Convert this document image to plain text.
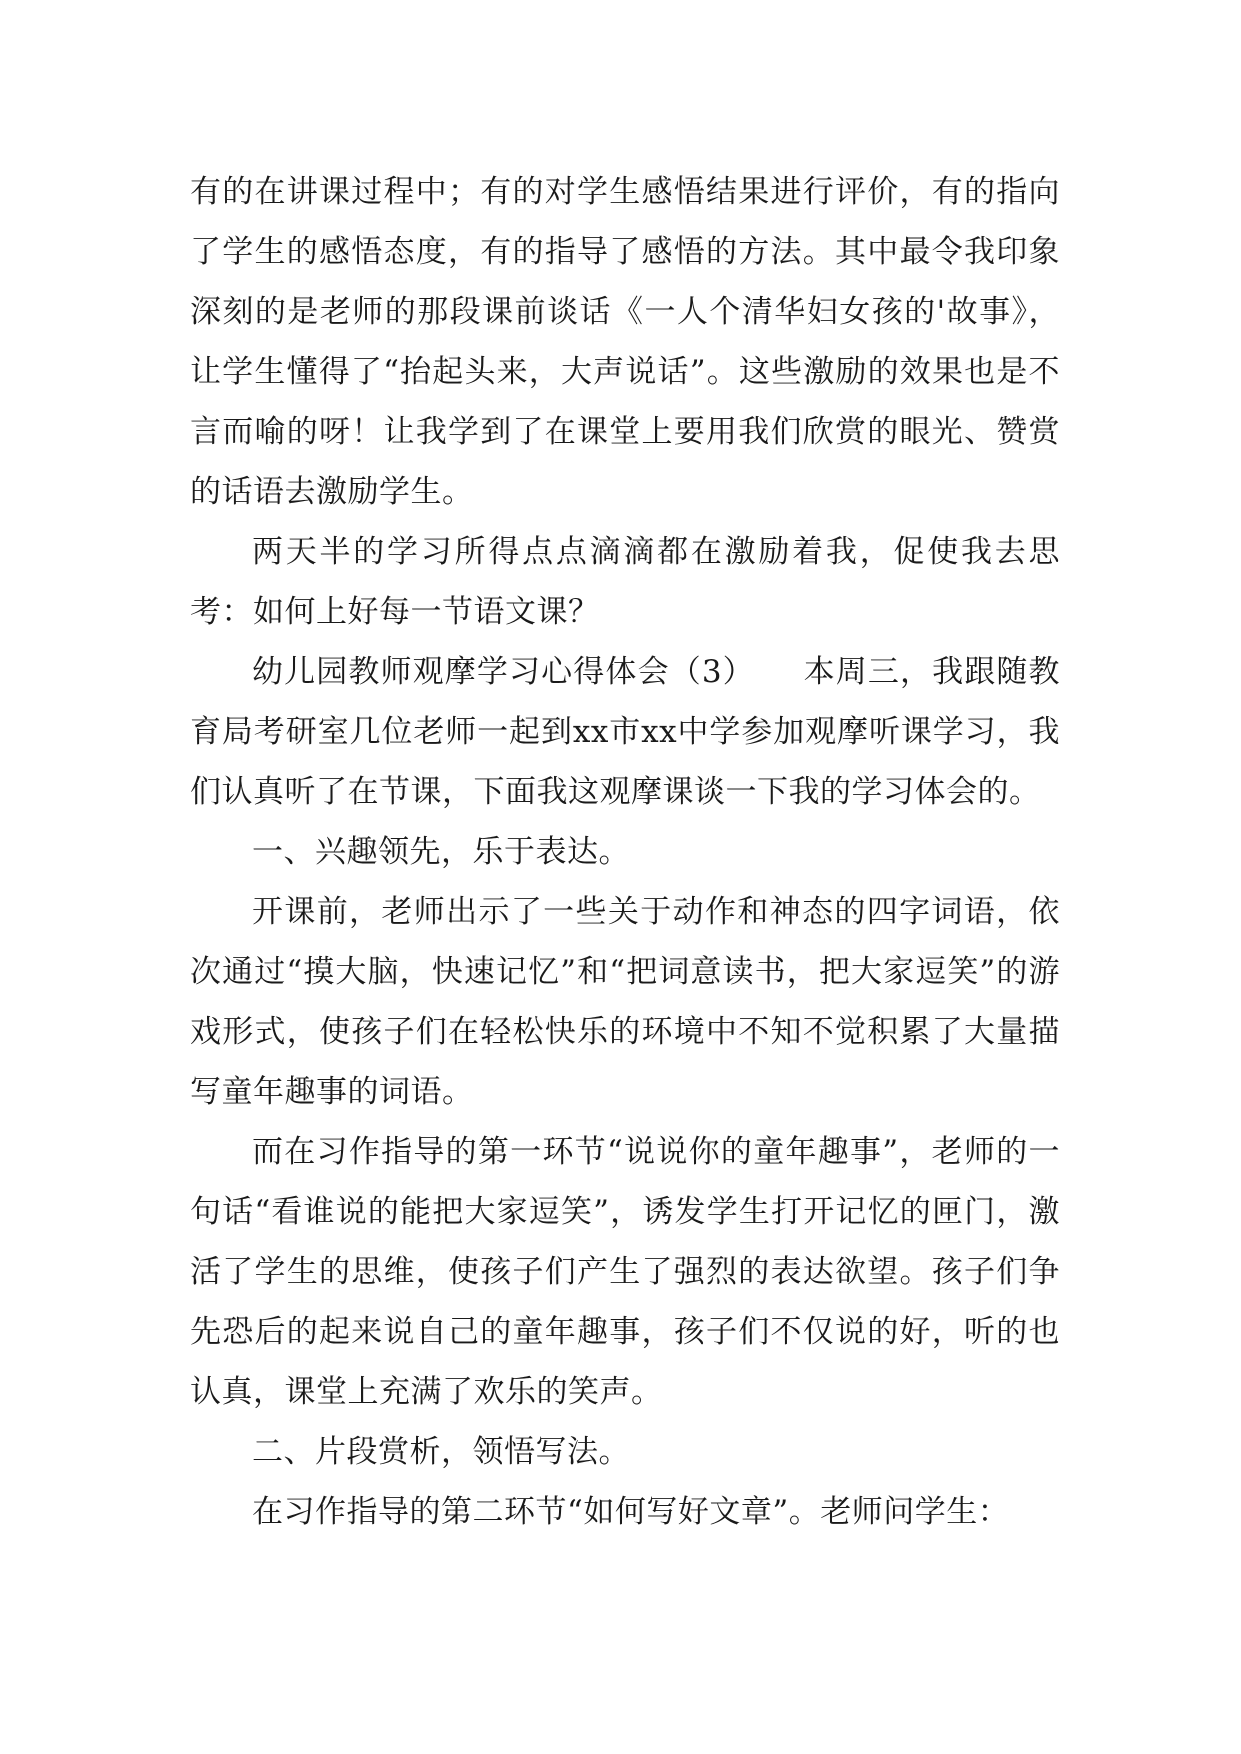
有的在讲课过程中；有的对学生感悟结果进行评价，有的指向了学生的感悟态度，有的指导了感悟的方法。其中最令我印象深刻的是老师的那段课前谈话《一人个清华妇女孩的'故事》，让学生懂得了“抬起头来，大声说话”。这些激励的效果也是不言而喻的呀！让我学到了在课堂上要用我们欣赏的眼光、赞赏的话语去激励学生。

两天半的学习所得点点滴滴都在激励着我，促使我去思考：如何上好每一节语文课？

幼儿园教师观摩学习心得体会（3）　　本周三，我跟随教育局考研室几位老师一起到xx市xx中学参加观摩听课学习，我们认真听了在节课，下面我这观摩课谈一下我的学习体会的。

一、兴趣领先，乐于表达。

开课前，老师出示了一些关于动作和神态的四字词语，依次通过“摸大脑，快速记忆”和“把词意读书，把大家逗笑”的游戏形式，使孩子们在轻松快乐的环境中不知不觉积累了大量描写童年趣事的词语。

而在习作指导的第一环节“说说你的童年趣事”，老师的一句话“看谁说的能把大家逗笑”，诱发学生打开记忆的匣门，激活了学生的思维，使孩子们产生了强烈的表达欲望。孩子们争先恐后的起来说自己的童年趣事，孩子们不仅说的好，听的也认真，课堂上充满了欢乐的笑声。

二、片段赏析，领悟写法。

在习作指导的第二环节“如何写好文章”。老师问学生：
